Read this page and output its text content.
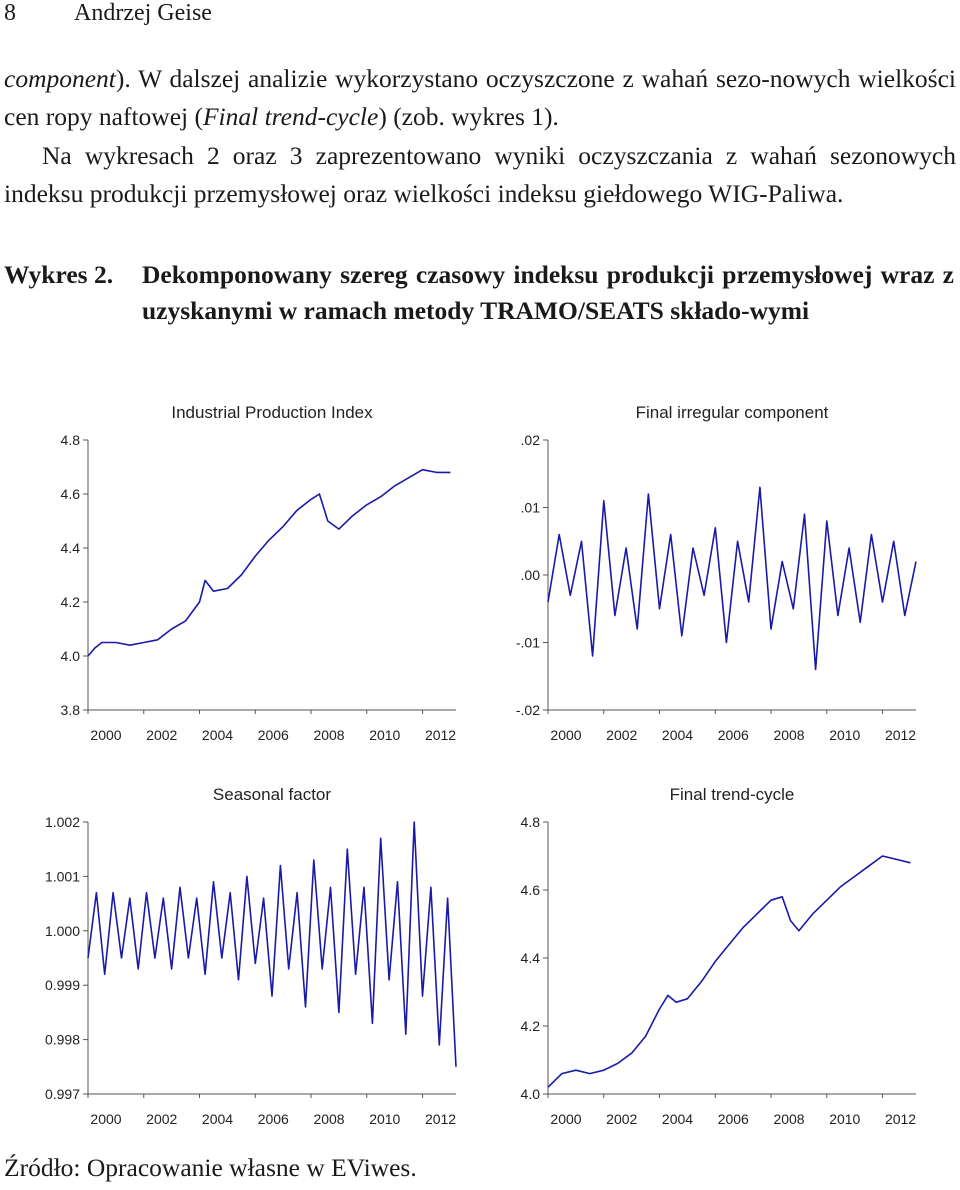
8 Andrzej Geise

component). W dalszej analizie wykorzystano oczyszczone z wahań sezo-nowych wielkości cen ropy naftowej (Final trend-cycle) (zob. wykres 1).

Na wykresach 2 oraz 3 zaprezentowano wyniki oczyszczania z wahań sezonowych indeksu produkcji przemysłowej oraz wielkości indeksu giełdowego WIG-Paliwa.

Wykres 2. Dekomponowany szereg czasowy indeksu produkcji przemysłowej wraz z uzyskanymi w ramach metody TRAMO/SEATS składo-wymi
Industrial Production Index
4.8
4.6
4.4
4.2
4.0
3.8
2000 2002 2004 2006 2008 2010 2012
Final irregular component
.02
.01
.00
-.01
-.02
2000 2002 2004 2006 2008 2010 2012
Seasonal factor
1.002
1.001
1.000
0.999
0.998
0.997
2000 2002 2004 2006 2008 2010 2012
Final trend-cycle
4.8
4.6
4.4
4.2
4.0
2000 2002 2004 2006 2008 2010 2012
Źródło: Opracowanie własne w EViwes.
